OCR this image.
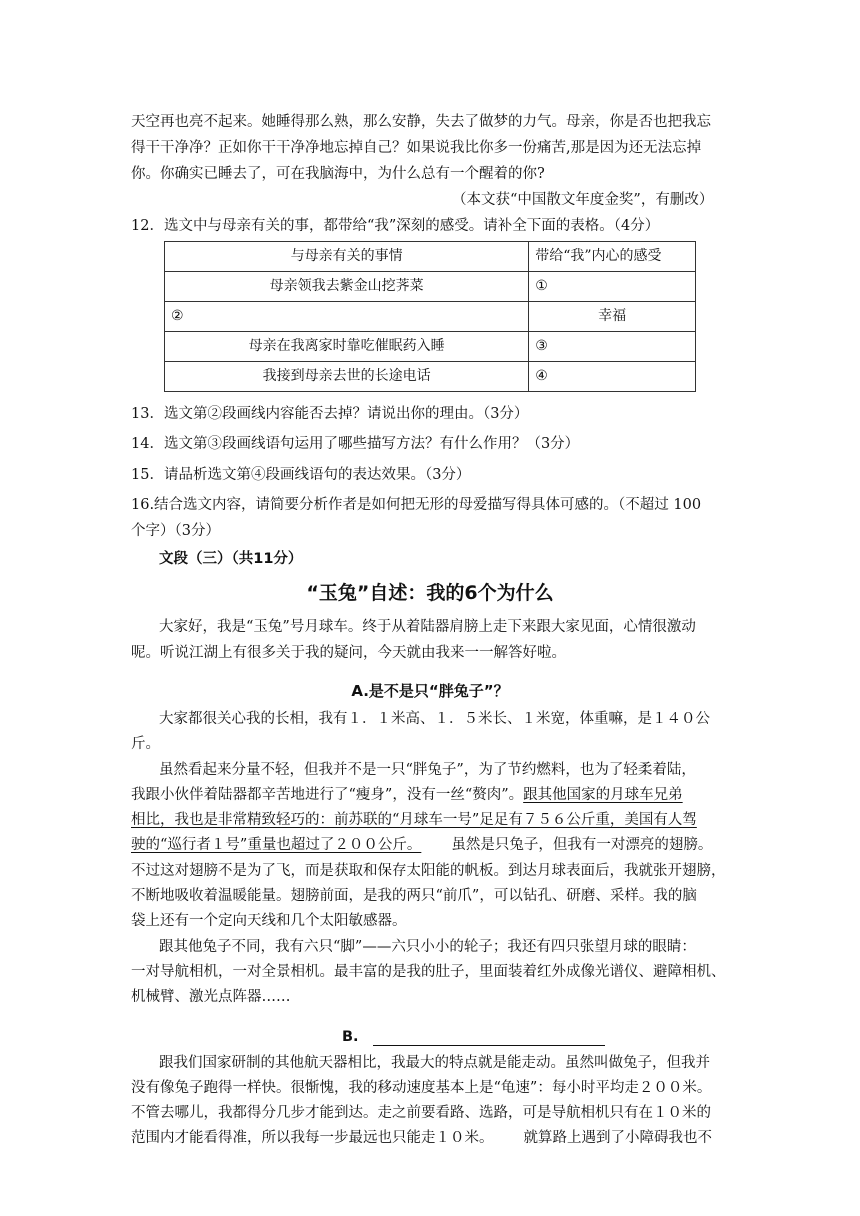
天空再也亮不起来。她睡得那么熟，那么安静，失去了做梦的力气。母亲，你是否也把我忘
得干干净净？正如你干干净净地忘掉自己？如果说我比你多一份痛苦,那是因为还无法忘掉
你。你确实已睡去了，可在我脑海中，为什么总有一个醒着的你?
（本文获“中国散文年度金奖”，有删改）
12．选文中与母亲有关的事，都带给“我”深刻的感受。请补全下面的表格。（4分）
与母亲有关的事情	带给“我”内心的感受
母亲领我去紫金山挖荠菜	①
②	幸福
母亲在我离家时靠吃催眠药入睡	③
我接到母亲去世的长途电话	④
13．选文第②段画线内容能否去掉？请说出你的理由。（3分）
14．选文第③段画线语句运用了哪些描写方法？有什么作用？（3分）
15．请品析选文第④段画线语句的表达效果。（3分）
16.结合选文内容，请简要分析作者是如何把无形的母爱描写得具体可感的。（不超过 100
个字）（3分）
文段（三）（共11分）
“玉兔”自述：我的6个为什么
大家好，我是“玉兔”号月球车。终于从着陆器肩膀上走下来跟大家见面，心情很激动
呢。听说江湖上有很多关于我的疑问，今天就由我来一一解答好啦。
A.是不是只“胖兔子”？
大家都很关心我的长相，我有１．１米高、１．５米长、１米宽，体重嘛，是１４０公
斤。
虽然看起来分量不轻，但我并不是一只“胖兔子”，为了节约燃料，也为了轻柔着陆，
我跟小伙伴着陆器都辛苦地进行了“瘦身”，没有一丝“赘肉”。跟其他国家的月球车兄弟
相比，我也是非常精致轻巧的：前苏联的“月球车一号”足足有７５６公斤重，美国有人驾
驶的“巡行者１号”重量也超过了２００公斤。 虽然是只兔子，但我有一对漂亮的翅膀。
不过这对翅膀不是为了飞，而是获取和保存太阳能的帆板。到达月球表面后，我就张开翅膀，
不断地吸收着温暖能量。翅膀前面，是我的两只“前爪”，可以钻孔、研磨、采样。我的脑
袋上还有一个定向天线和几个太阳敏感器。
跟其他兔子不同，我有六只“脚”——六只小小的轮子；我还有四只张望月球的眼睛：
一对导航相机，一对全景相机。最丰富的是我的肚子，里面装着红外成像光谱仪、避障相机、
机械臂、激光点阵器……
B.
跟我们国家研制的其他航天器相比，我最大的特点就是能走动。虽然叫做兔子，但我并
没有像兔子跑得一样快。很惭愧，我的移动速度基本上是“龟速”：每小时平均走２００米。
不管去哪儿，我都得分几步才能到达。走之前要看路、选路，可是导航相机只有在１０米的
范围内才能看得准，所以我每一步最远也只能走１０米。 就算路上遇到了小障碍我也不
